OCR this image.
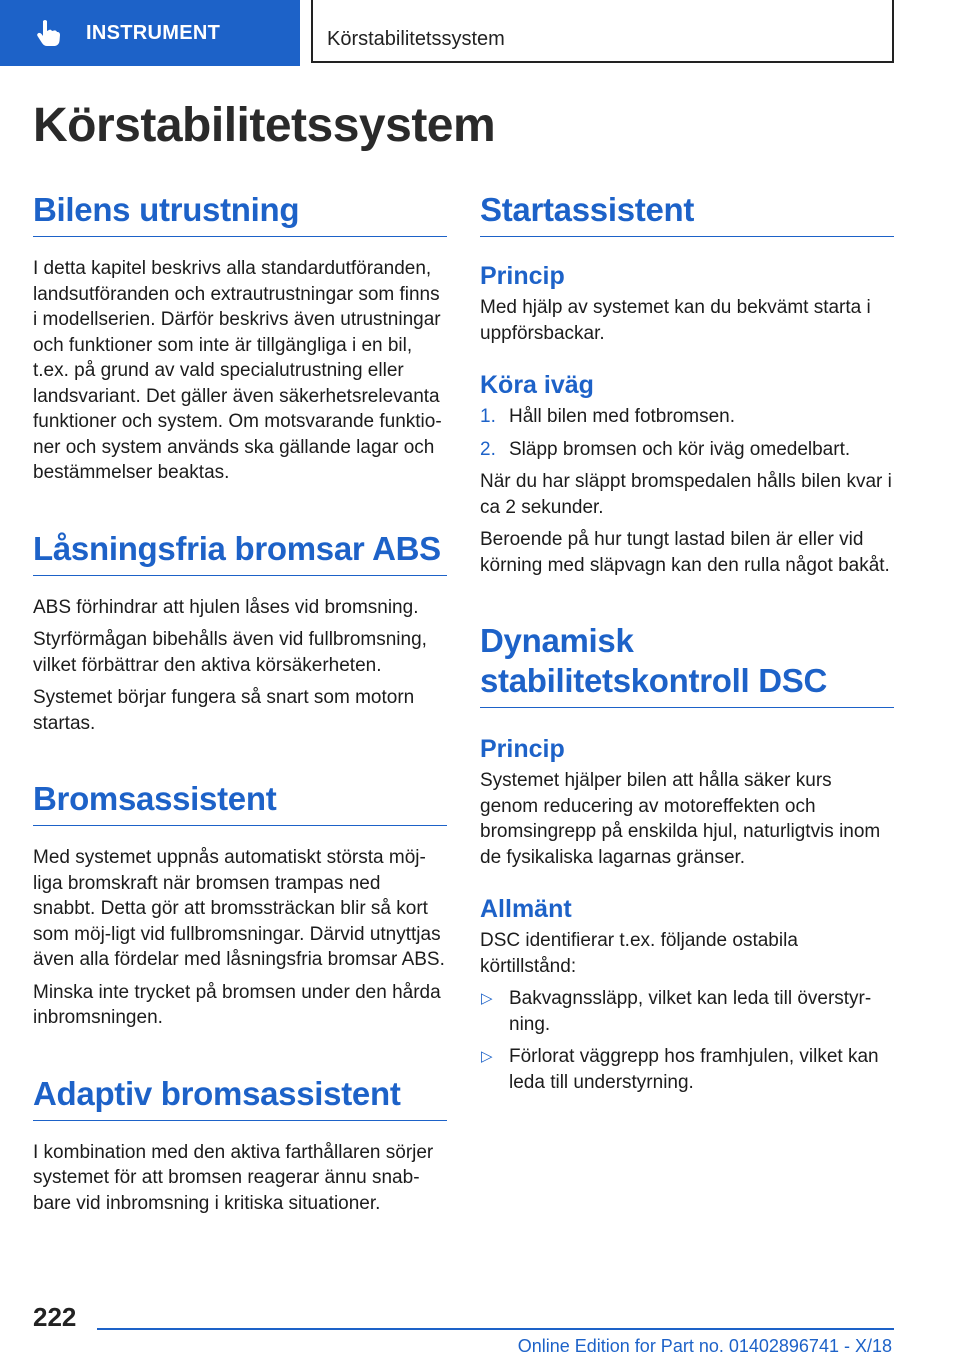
INSTRUMENT	Körstabilitetssystem
Körstabilitetssystem
Bilens utrustning

I detta kapitel beskrivs alla standardutföranden, landsutföranden och extrautrustningar som finns i modellserien. Därför beskrivs även utrustningar och funktioner som inte är tillgängliga i en bil, t.ex. på grund av vald specialutrustning eller landsvariant. Det gäller även säkerhetsrelevanta funktioner och system. Om motsvarande funktio-ner och system används ska gällande lagar och bestämmelser beaktas.

Låsningsfria bromsar ABS

ABS förhindrar att hjulen låses vid bromsning.

Styrförmågan bibehålls även vid fullbromsning, vilket förbättrar den aktiva körsäkerheten.

Systemet börjar fungera så snart som motorn startas.

Bromsassistent

Med systemet uppnås automatiskt största möj-liga bromskraft när bromsen trampas ned snabbt. Detta gör att bromssträckan blir så kort som möj-ligt vid fullbromsningar. Därvid utnyttjas även alla fördelar med låsningsfria bromsar ABS.

Minska inte trycket på bromsen under den hårda inbromsningen.

Adaptiv bromsassistent

I kombination med den aktiva farthållaren sörjer systemet för att bromsen reagerar ännu snab-bare vid inbromsning i kritiska situationer.

Startassistent
Princip

Med hjälp av systemet kan du bekvämt starta i uppförsbackar.

Köra iväg
1. Håll bilen med fotbromsen.
2. Släpp bromsen och kör iväg omedelbart.

När du har släppt bromspedalen hålls bilen kvar i ca 2 sekunder.

Beroende på hur tungt lastad bilen är eller vid körning med släpvagn kan den rulla något bakåt.

Dynamisk
stabilitetskontroll DSC
Princip

Systemet hjälper bilen att hålla säker kurs genom reducering av motoreffekten och bromsingrepp på enskilda hjul, naturligtvis inom de fysikaliska lagarnas gränser.

Allmänt

DSC identifierar t.ex. följande ostabila körtillstånd:

▷ Bakvagnssläpp, vilket kan leda till överstyr-ning.
▷ Förlorat väggrepp hos framhjulen, vilket kan leda till understyrning.
222
Online Edition for Part no. 01402896741 - X/18
